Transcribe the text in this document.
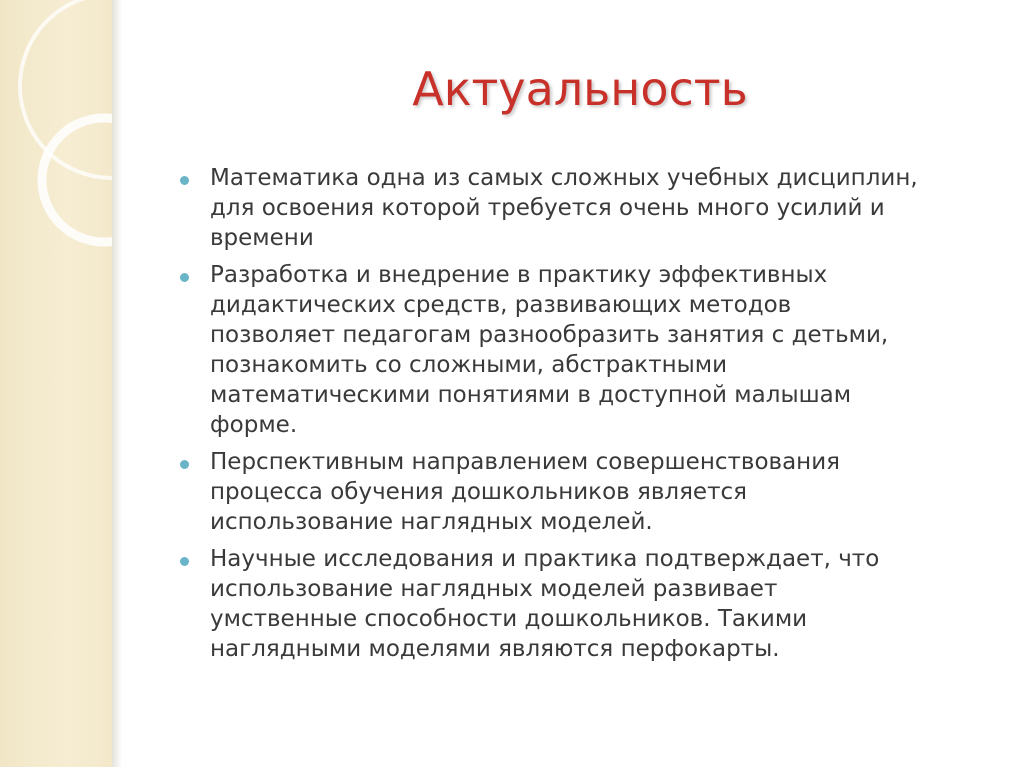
Актуальность
Математика одна из самых сложных учебных дисциплин,
для освоения которой требуется очень много усилий и
времени
Разработка и внедрение в практику эффективных
дидактических средств, развивающих методов
позволяет педагогам разнообразить занятия с детьми,
познакомить со сложными, абстрактными
математическими понятиями в доступной малышам
форме.
Перспективным направлением совершенствования
процесса обучения дошкольников является
использование наглядных моделей.
Научные исследования и практика подтверждает, что
использование наглядных моделей развивает
умственные способности дошкольников. Такими
наглядными моделями являются перфокарты.
